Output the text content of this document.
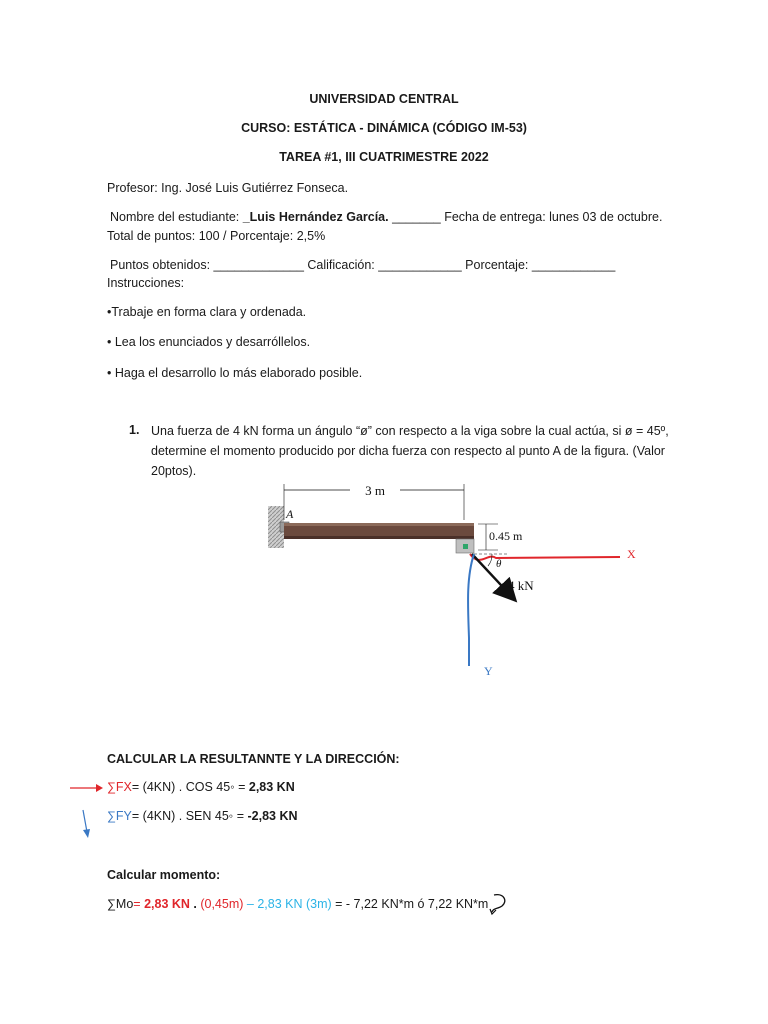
UNIVERSIDAD CENTRAL
CURSO: ESTÁTICA - DINÁMICA (CÓDIGO IM-53)
TAREA #1, III CUATRIMESTRE 2022
Profesor: Ing. José Luis Gutiérrez Fonseca.
Nombre del estudiante: _Luis Hernández García. _______ Fecha de entrega: lunes 03 de octubre.
Total de puntos: 100 / Porcentaje: 2,5%
Puntos obtenidos: _____________ Calificación: ____________ Porcentaje: ____________
Instrucciones:
•Trabaje en forma clara y ordenada.
• Lea los enunciados y desarróllelos.
• Haga el desarrollo lo más elaborado posible.
1. Una fuerza de 4 kN forma un ángulo “ø” con respecto a la viga sobre la cual actúa, si ø = 45º, determine el momento producido por dicha fuerza con respecto al punto A de la figura. (Valor 20ptos).
3 m
A
0.45 m
X
θ
4 kN
Y
CALCULAR LA RESULTANNTE Y LA DIRECCIÓN:
∑FX= (4KN) . COS 45◦ = 2,83 KN
∑FY= (4KN) . SEN 45◦ = -2,83 KN
Calcular momento:
∑Mo= 2,83 KN . (0,45m) – 2,83 KN (3m) = - 7,22 KN*m ó 7,22 KN*m
